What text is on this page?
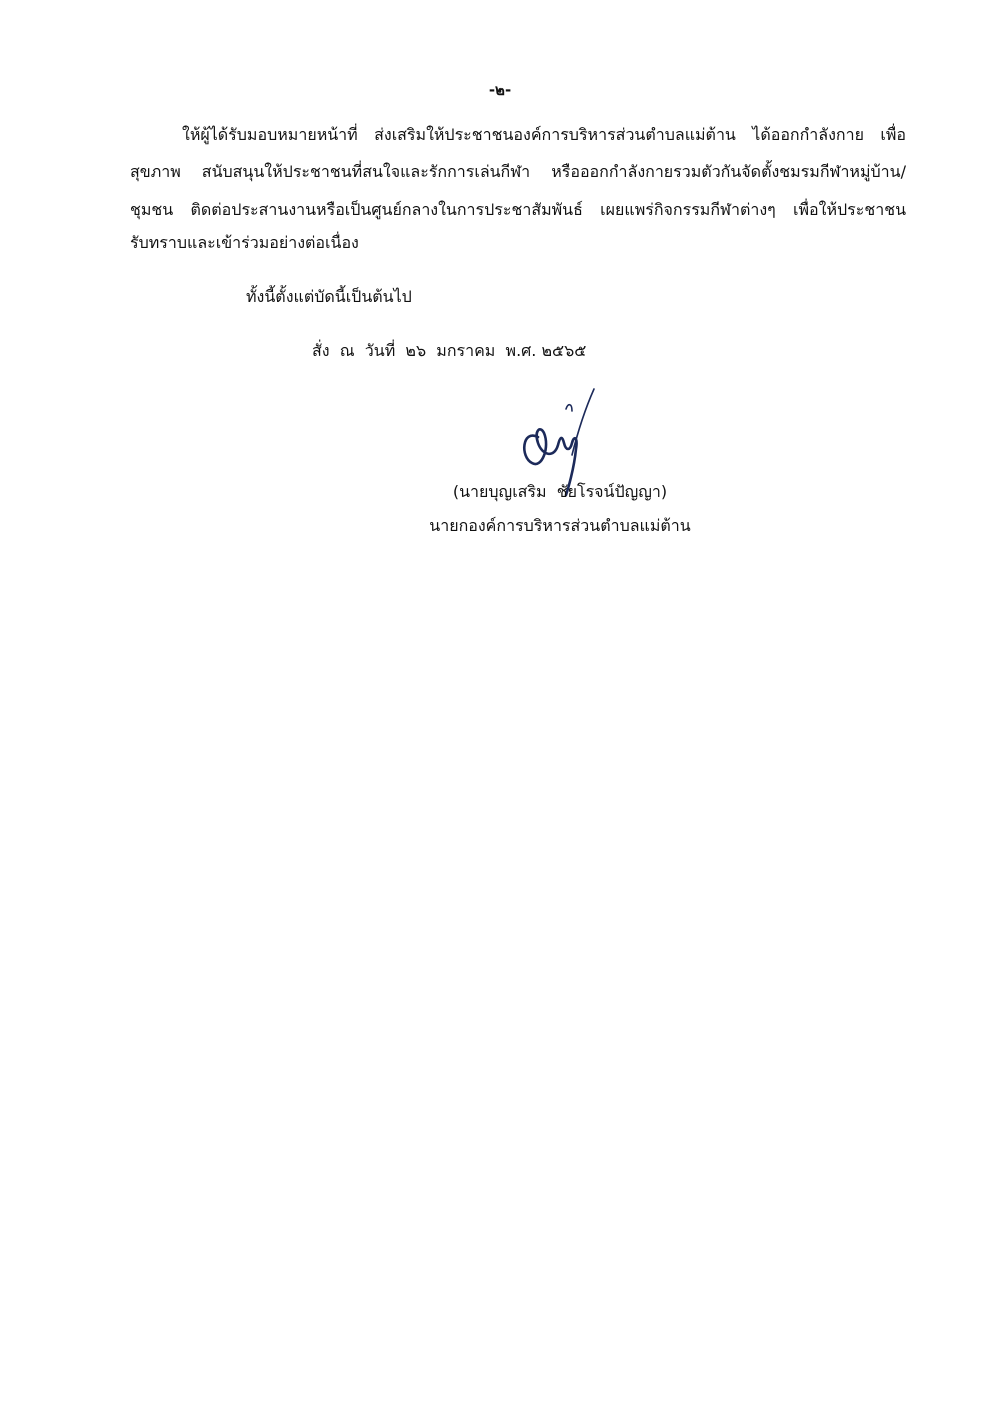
-๒-
ให้ผู้ได้รับมอบหมายหน้าที่ ส่งเสริมให้ประชาชนองค์การบริหารส่วนตำบลแม่ต้าน ได้ออกกำลังกาย เพื่อ
สุขภาพ สนับสนุนให้ประชาชนที่สนใจและรักการเล่นกีฬา หรือออกกำลังกายรวมตัวกันจัดตั้งชมรมกีฬาหมู่บ้าน/
ชุมชน ติดต่อประสานงานหรือเป็นศูนย์กลางในการประชาสัมพันธ์ เผยแพร่กิจกรรมกีฬาต่างๆ เพื่อให้ประชาชน
รับทราบและเข้าร่วมอย่างต่อเนื่อง
ทั้งนี้ตั้งแต่บัดนี้เป็นต้นไป
สั่ง  ณ  วันที่  ๒๖  มกราคม  พ.ศ. ๒๕๖๕
(นายบุญเสริม  ชัยโรจน์ปัญญา)
นายกองค์การบริหารส่วนตำบลแม่ต้าน
